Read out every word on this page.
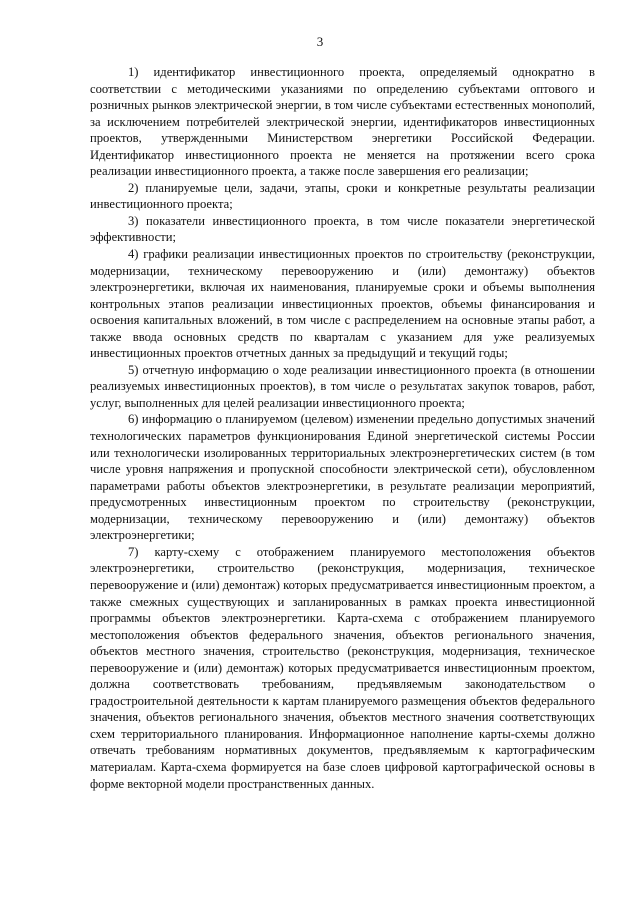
3

1) идентификатор инвестиционного проекта, определяемый однократно в соответствии с методическими указаниями по определению субъектами оптового и розничных рынков электрической энергии, в том числе субъектами естественных монополий, за исключением потребителей электрической энергии, идентификаторов инвестиционных проектов, утвержденными Министерством энергетики Российской Федерации. Идентификатор инвестиционного проекта не меняется на протяжении всего срока реализации инвестиционного проекта, а также после завершения его реализации;

2) планируемые цели, задачи, этапы, сроки и конкретные результаты реализации инвестиционного проекта;

3) показатели инвестиционного проекта, в том числе показатели энергетической эффективности;

4) графики реализации инвестиционных проектов по строительству (реконструкции, модернизации, техническому перевооружению и (или) демонтажу) объектов электроэнергетики, включая их наименования, планируемые сроки и объемы выполнения контрольных этапов реализации инвестиционных проектов, объемы финансирования и освоения капитальных вложений, в том числе с распределением на основные этапы работ, а также ввода основных средств по кварталам с указанием для уже реализуемых инвестиционных проектов отчетных данных за предыдущий и текущий годы;

5) отчетную информацию о ходе реализации инвестиционного проекта (в отношении реализуемых инвестиционных проектов), в том числе о результатах закупок товаров, работ, услуг, выполненных для целей реализации инвестиционного проекта;

6) информацию о планируемом (целевом) изменении предельно допустимых значений технологических параметров функционирования Единой энергетической системы России или технологически изолированных территориальных электроэнергетических систем (в том числе уровня напряжения и пропускной способности электрической сети), обусловленном параметрами работы объектов электроэнергетики, в результате реализации мероприятий, предусмотренных инвестиционным проектом по строительству (реконструкции, модернизации, техническому перевооружению и (или) демонтажу) объектов электроэнергетики;

7) карту-схему с отображением планируемого местоположения объектов электроэнергетики, строительство (реконструкция, модернизация, техническое перевооружение и (или) демонтаж) которых предусматривается инвестиционным проектом, а также смежных существующих и запланированных в рамках проекта инвестиционной программы объектов электроэнергетики. Карта-схема с отображением планируемого местоположения объектов федерального значения, объектов регионального значения, объектов местного значения, строительство (реконструкция, модернизация, техническое перевооружение и (или) демонтаж) которых предусматривается инвестиционным проектом, должна соответствовать требованиям, предъявляемым законодательством о градостроительной деятельности к картам планируемого размещения объектов федерального значения, объектов регионального значения, объектов местного значения соответствующих схем территориального планирования. Информационное наполнение карты-схемы должно отвечать требованиям нормативных документов, предъявляемым к картографическим материалам. Карта-схема формируется на базе слоев цифровой картографической основы в форме векторной модели пространственных данных.
